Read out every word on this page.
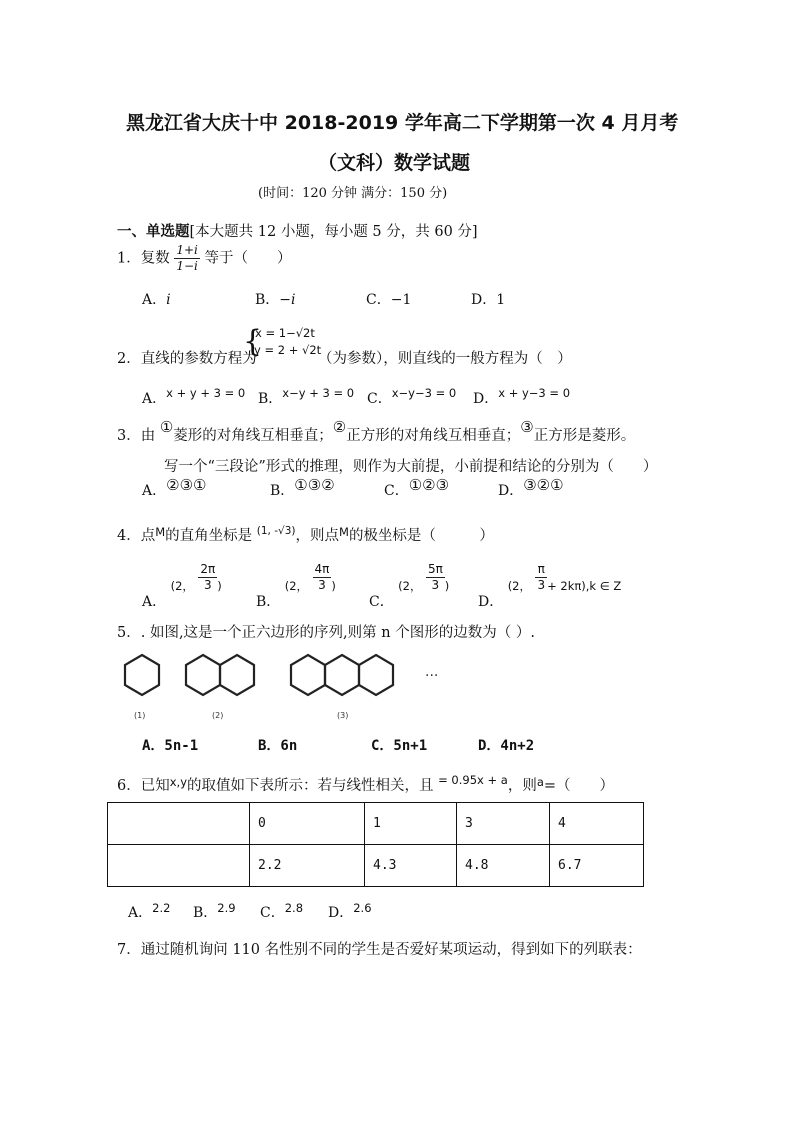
黑龙江省大庆十中 2018-2019 学年高二下学期第一次 4 月月考
（文科）数学试题
(时间：120 分钟 满分：150 分)
一、单选题[本大题共 12 小题，每小题 5 分，共 60 分]
1．复数 $\frac{1+i}{1-i}$ 等于（　　）
A．i	B．−i	C．−1	D．1
2．直线的参数方程为
{
x = 1−√2t
y = 2 + √2t
（为参数），则直线的一般方程为（　）
A．$^{x + y + 3 = 0}$ B．$^{x-y + 3 = 0}$ C．$^{x-y-3 = 0}$ D．$^{x + y-3 = 0}$
3．由 ①菱形的对角线互相垂直；②正方形的对角线互相垂直；③正方形是菱形。
写一个“三段论”形式的推理，则作为大前提，小前提和结论的分别为（　　）
A．②③①	B．①③②	C．①②③	D．③②①
4．点$^M$的直角坐标是 $^{(1, -√3)}$，则点$^M$的极坐标是（　　　）
A． $_{(2,} \frac{2\pi}{3} _)$
B． $_{(2,} \frac{4\pi}{3} _)$
C． $_{(2,} \frac{5\pi}{3} _)$
D． $_{(2,} \frac{\pi}{3} _{+ 2k\pi),k \in Z}$
5．. 如图,这是一个正六边形的序列,则第 n 个图形的边数为（ ）.
(1)	(2)	(3)
···
A．5n-1	B．6n	C．5n+1	D．4n+2
6．已知$^{x,y}$的取值如下表所示：若与线性相关，且 $^{= 0.95x + a}$，则$^a$=（　　）
	0	1	3	4
	2.2	4.3	4.8	6.7
A．$^{2.2}$ B．$^{2.9}$ C．$^{2.8}$ D．$^{2.6}$
7．通过随机询问 110 名性别不同的学生是否爱好某项运动，得到如下的列联表：
